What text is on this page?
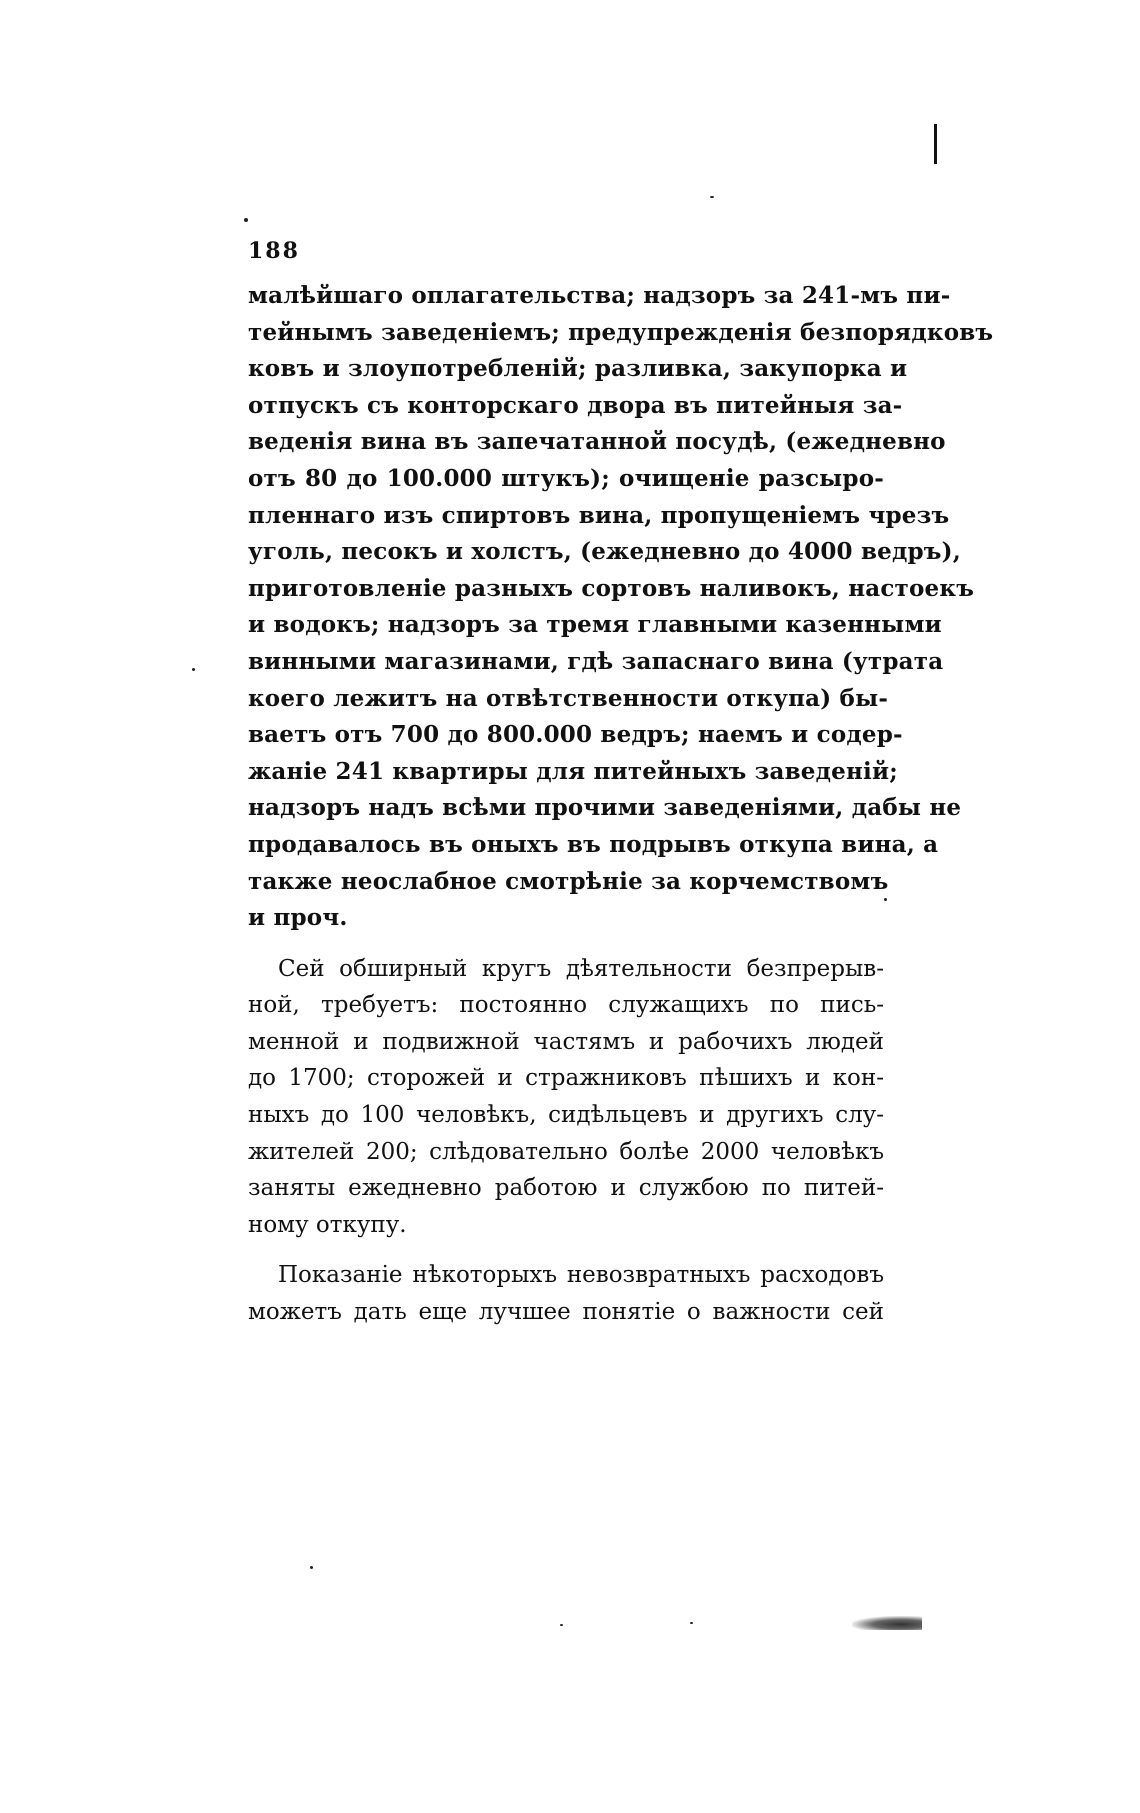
188
малѣйшаго оплагательства; надзоръ за 241-мъ пи-
тейнымъ заведеніемъ; предупрежденія безпорядковъ
ковъ и злоупотребленій; разливка, закупорка и
отпускъ съ конторскаго двора въ питейныя за-
веденія вина въ запечатанной посудѣ, (ежедневно
отъ 80 до 100.000 штукъ); очищеніе разсыро-
пленнаго изъ спиртовъ вина, пропущеніемъ чрезъ
уголь, песокъ и холстъ, (ежедневно до 4000 ведръ),
приготовленіе разныхъ сортовъ наливокъ, настоекъ
и водокъ; надзоръ за тремя главными казенными
винными магазинами, гдѣ запаснаго вина (утрата
коего лежитъ на отвѣтственности откупа) бы-
ваетъ отъ 700 до 800.000 ведръ; наемъ и содер-
жаніе 241 квартиры для питейныхъ заведеній;
надзоръ надъ всѣми прочими заведеніями, дабы не
продавалось въ оныхъ въ подрывъ откупа вина, а
также неослабное смотрѣніе за корчемствомъ
и проч.
Сей обширный кругъ дѣятельности безпрерыв-
ной, требуетъ: постоянно служащихъ по пись-
менной и подвижной частямъ и рабочихъ людей
до 1700; сторожей и стражниковъ пѣшихъ и кон-
ныхъ до 100 человѣкъ, сидѣльцевъ и другихъ слу-
жителей 200; слѣдовательно болѣе 2000 человѣкъ
заняты ежедневно работою и службою по питей-
ному откупу.
Показаніе нѣкоторыхъ невозвратныхъ расходовъ
можетъ дать еще лучшее понятіе о важности сей
